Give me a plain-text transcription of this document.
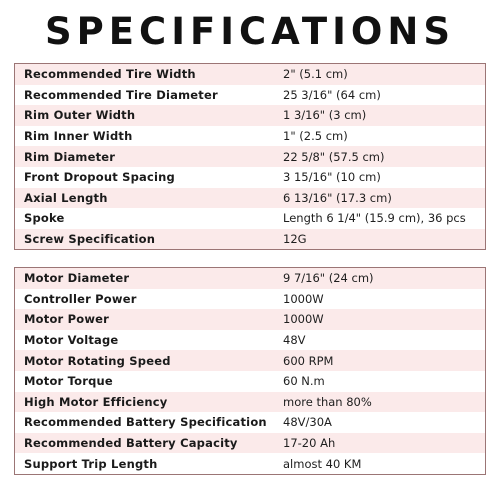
SPECIFICATIONS
Recommended Tire Width	2" (5.1 cm)
Recommended Tire Diameter	25 3/16" (64 cm)
Rim Outer Width	1 3/16" (3 cm)
Rim Inner Width	1" (2.5 cm)
Rim Diameter	22 5/8" (57.5 cm)
Front Dropout Spacing	3 15/16" (10 cm)
Axial Length	6 13/16" (17.3 cm)
Spoke	Length 6 1/4" (15.9 cm), 36 pcs
Screw Specification	12G
Motor Diameter	9 7/16" (24 cm)
Controller Power	1000W
Motor Power	1000W
Motor Voltage	48V
Motor Rotating Speed	600 RPM
Motor Torque	60 N.m
High Motor Efficiency	more than 80%
Recommended Battery Specification 48V/30A
Recommended Battery Capacity	17-20 Ah
Support Trip Length	almost 40 KM
